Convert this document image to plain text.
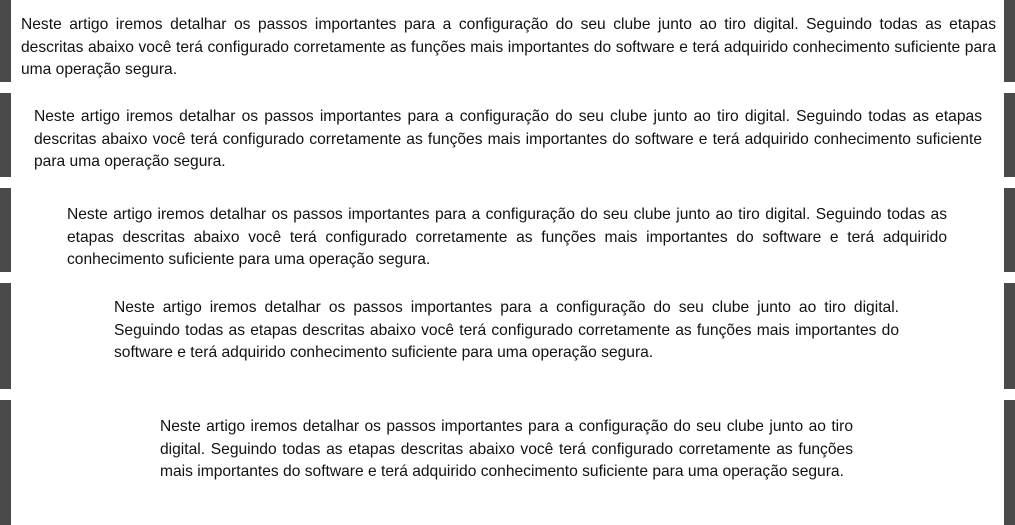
Neste artigo iremos detalhar os passos importantes para a configuração do seu clube junto ao tiro digital. Seguindo todas as etapas descritas abaixo você terá configurado corretamente as funções mais importantes do software e terá adquirido conhecimento suficiente para uma operação segura.

Neste artigo iremos detalhar os passos importantes para a configuração do seu clube junto ao tiro digital. Seguindo todas as etapas descritas abaixo você terá configurado corretamente as funções mais importantes do software e terá adquirido conhecimento suficiente para uma operação segura.

Neste artigo iremos detalhar os passos importantes para a configuração do seu clube junto ao tiro digital. Seguindo todas as etapas descritas abaixo você terá configurado corretamente as funções mais importantes do software e terá adquirido conhecimento suficiente para uma operação segura.

Neste artigo iremos detalhar os passos importantes para a configuração do seu clube junto ao tiro digital. Seguindo todas as etapas descritas abaixo você terá configurado corretamente as funções mais importantes do software e terá adquirido conhecimento suficiente para uma operação segura.

Neste artigo iremos detalhar os passos importantes para a configuração do seu clube junto ao tiro digital. Seguindo todas as etapas descritas abaixo você terá configurado corretamente as funções mais importantes do software e terá adquirido conhecimento suficiente para uma operação segura.
